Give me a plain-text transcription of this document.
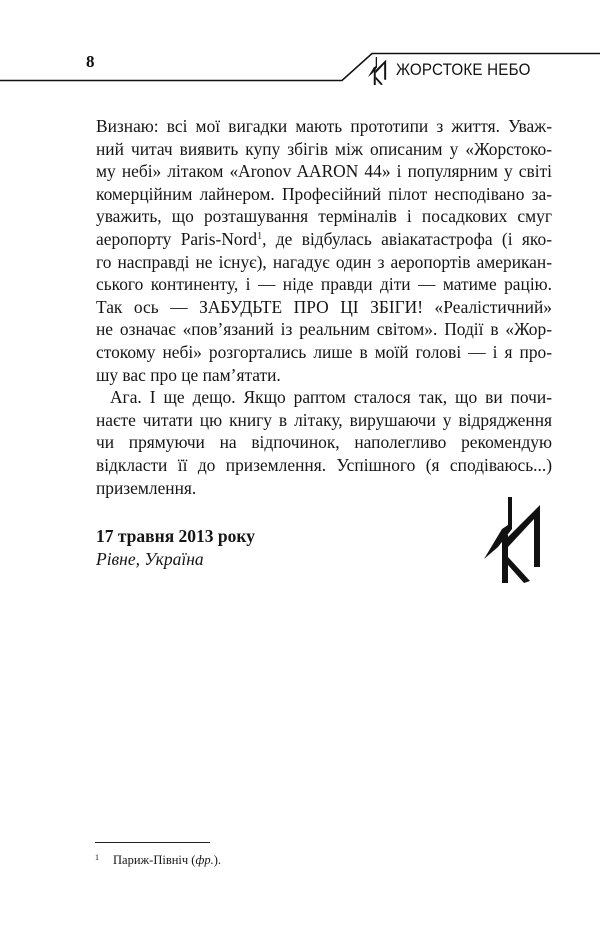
8	ЖОРСТОКЕ НЕБО
Визнаю: всі мої вигадки мають прототипи з життя. Уваж-
ний читач виявить купу збігів між описаним у «Жорстоко-
му небі» літаком «Aronov AARON 44» і популярним у світі
комерційним лайнером. Професійний пілот несподівано за-
уважить, що розташування терміналів і посадкових смуг
аеропорту Paris-Nord$^1$, де відбулась авіакатастрофа (і яко-
го насправді не існує), нагадує один з аеропортів американ-
ського континенту, і — ніде правди діти — матиме рацію.
Так ось — ЗАБУДЬТЕ ПРО ЦІ ЗБІГИ! «Реалістичний»
не означає «пов’язаний із реальним світом». Події в «Жор-
стокому небі» розгортались лише в моїй голові — і я про-
шу вас про це пам’ятати.
Ага. І ще дещо. Якщо раптом сталося так, що ви почи-
наєте читати цю книгу в літаку, вирушаючи у відрядження
чи прямуючи на відпочинок, наполегливо рекомендую
відкласти її до приземлення. Успішного (я сподіваюсь...)
приземлення.
17 травня 2013 року
Рівне, Україна
1 Париж-Північ (фр.).
